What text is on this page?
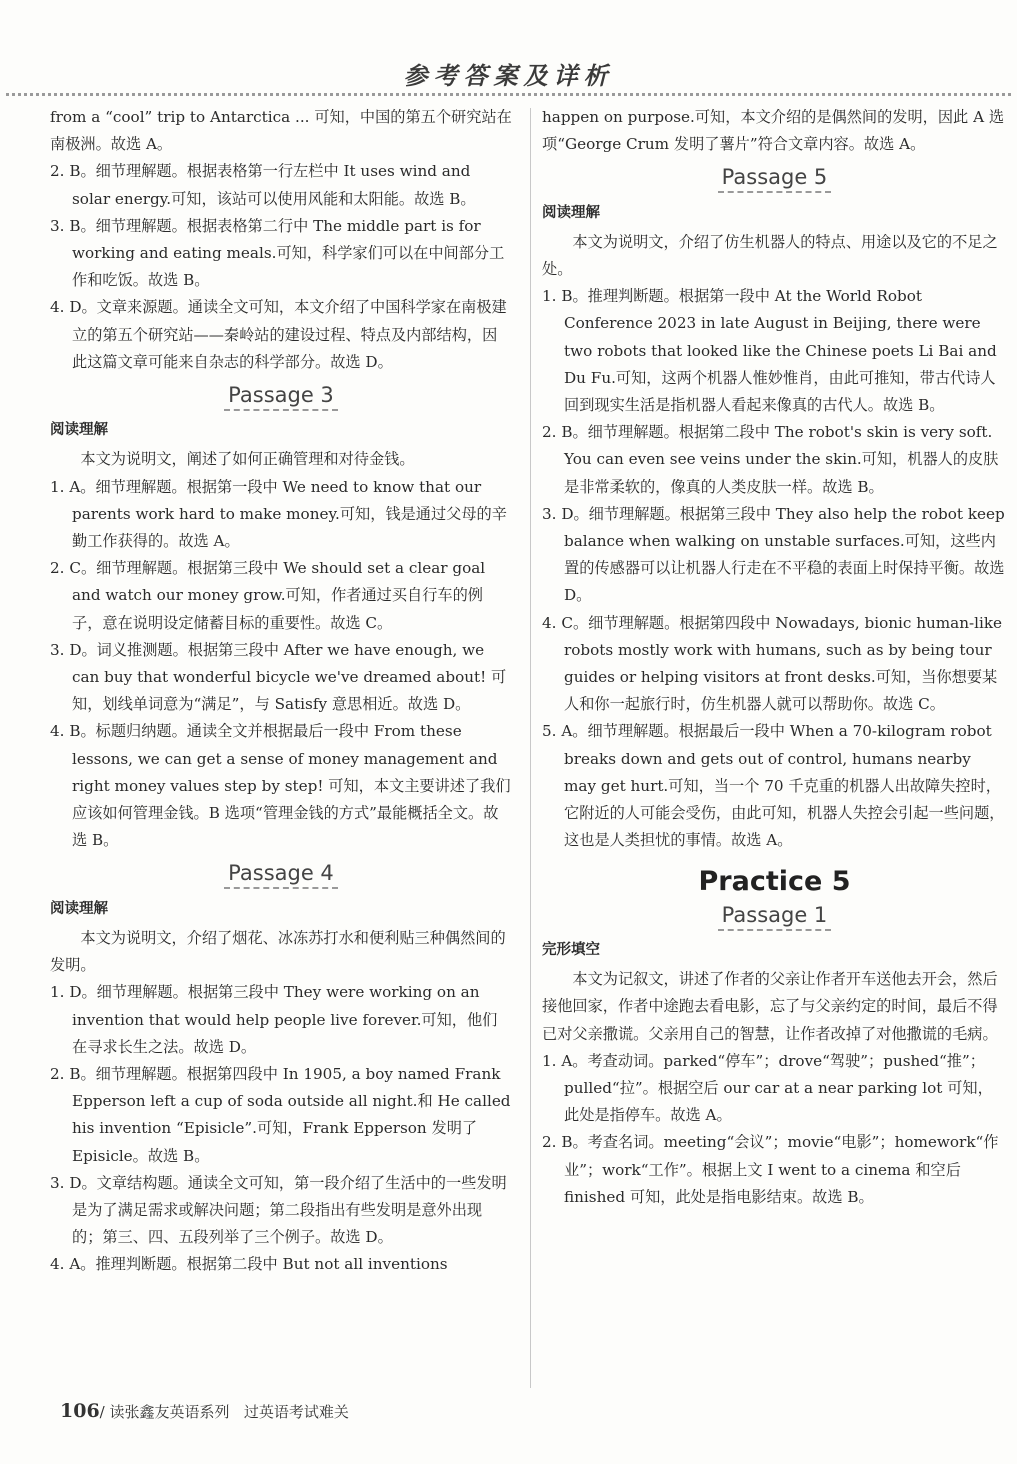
参考答案及详析

from a “cool” trip to Antarctica ... 可知，中国的第五个研究站在南极洲。故选 A。

2. B。细节理解题。根据表格第一行左栏中 It uses wind and solar energy.可知，该站可以使用风能和太阳能。故选 B。

3. B。细节理解题。根据表格第二行中 The middle part is for working and eating meals.可知，科学家们可以在中间部分工作和吃饭。故选 B。

4. D。文章来源题。通读全文可知，本文介绍了中国科学家在南极建立的第五个研究站——秦岭站的建设过程、特点及内部结构，因此这篇文章可能来自杂志的科学部分。故选 D。

Passage 3
阅读理解

本文为说明文，阐述了如何正确管理和对待金钱。

1. A。细节理解题。根据第一段中 We need to know that our parents work hard to make money.可知，钱是通过父母的辛勤工作获得的。故选 A。

2. C。细节理解题。根据第三段中 We should set a clear goal and watch our money grow.可知，作者通过买自行车的例子，意在说明设定储蓄目标的重要性。故选 C。

3. D。词义推测题。根据第三段中 After we have enough, we can buy that wonderful bicycle we've dreamed about! 可知，划线单词意为“满足”，与 Satisfy 意思相近。故选 D。

4. B。标题归纳题。通读全文并根据最后一段中 From these lessons, we can get a sense of money management and right money values step by step! 可知，本文主要讲述了我们应该如何管理金钱。B 选项“管理金钱的方式”最能概括全文。故选 B。

Passage 4
阅读理解

本文为说明文，介绍了烟花、冰冻苏打水和便利贴三种偶然间的发明。

1. D。细节理解题。根据第三段中 They were working on an invention that would help people live forever.可知，他们在寻求长生之法。故选 D。

2. B。细节理解题。根据第四段中 In 1905, a boy named Frank Epperson left a cup of soda outside all night.和 He called his invention “Episicle”.可知，Frank Epperson 发明了 Episicle。故选 B。

3. D。文章结构题。通读全文可知，第一段介绍了生活中的一些发明是为了满足需求或解决问题；第二段指出有些发明是意外出现的；第三、四、五段列举了三个例子。故选 D。

4. A。推理判断题。根据第二段中 But not all inventions

happen on purpose.可知，本文介绍的是偶然间的发明，因此 A 选项“George Crum 发明了薯片”符合文章内容。故选 A。

Passage 5
阅读理解

本文为说明文，介绍了仿生机器人的特点、用途以及它的不足之处。

1. B。推理判断题。根据第一段中 At the World Robot Conference 2023 in late August in Beijing, there were two robots that looked like the Chinese poets Li Bai and Du Fu.可知，这两个机器人惟妙惟肖，由此可推知，带古代诗人回到现实生活是指机器人看起来像真的古代人。故选 B。

2. B。细节理解题。根据第二段中 The robot's skin is very soft. You can even see veins under the skin.可知，机器人的皮肤是非常柔软的，像真的人类皮肤一样。故选 B。

3. D。细节理解题。根据第三段中 They also help the robot keep balance when walking on unstable surfaces.可知，这些内置的传感器可以让机器人行走在不平稳的表面上时保持平衡。故选 D。

4. C。细节理解题。根据第四段中 Nowadays, bionic human-like robots mostly work with humans, such as by being tour guides or helping visitors at front desks.可知，当你想要某人和你一起旅行时，仿生机器人就可以帮助你。故选 C。

5. A。细节理解题。根据最后一段中 When a 70-kilogram robot breaks down and gets out of control, humans nearby may get hurt.可知，当一个 70 千克重的机器人出故障失控时，它附近的人可能会受伤，由此可知，机器人失控会引起一些问题，这也是人类担忧的事情。故选 A。

Practice 5
Passage 1
完形填空

本文为记叙文，讲述了作者的父亲让作者开车送他去开会，然后接他回家，作者中途跑去看电影，忘了与父亲约定的时间，最后不得已对父亲撒谎。父亲用自己的智慧，让作者改掉了对他撒谎的毛病。

1. A。考查动词。parked“停车”；drove“驾驶”；pushed“推”；pulled“拉”。根据空后 our car at a near parking lot 可知，此处是指停车。故选 A。

2. B。考查名词。meeting“会议”；movie“电影”；homework“作业”；work“工作”。根据上文 I went to a cinema 和空后 finished 可知，此处是指电影结束。故选 B。

106/ 读张鑫友英语系列 过英语考试难关
